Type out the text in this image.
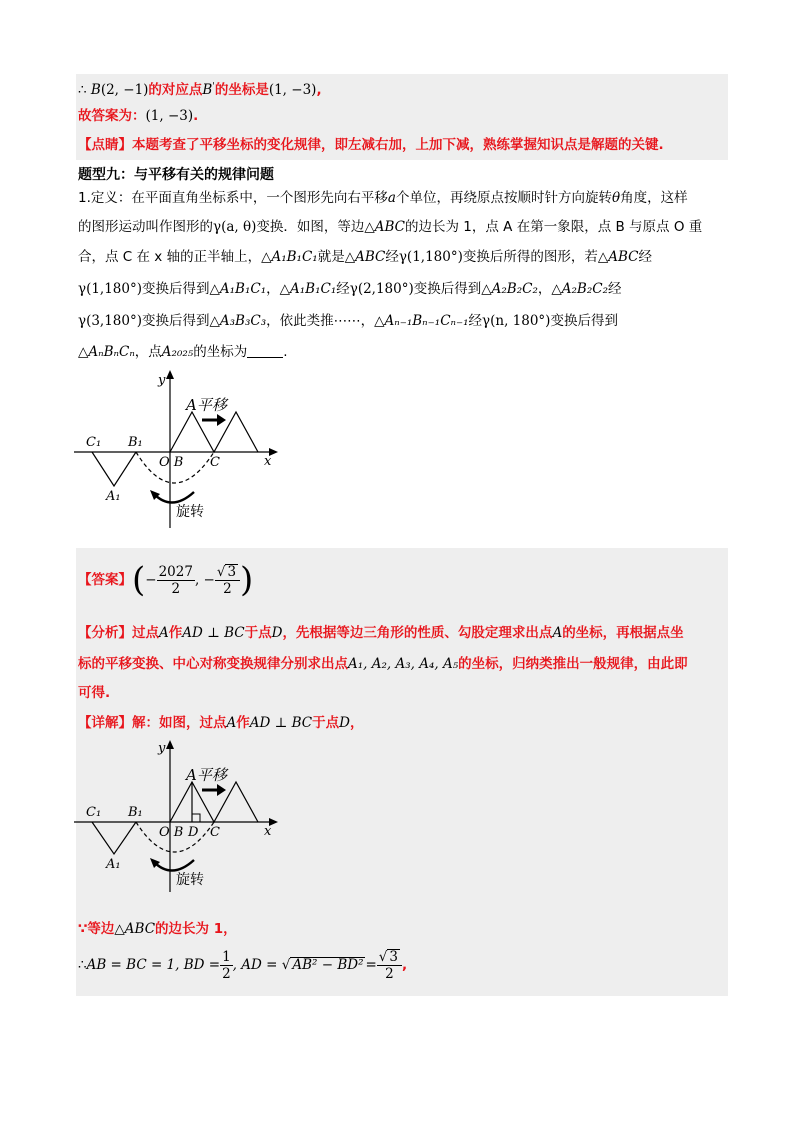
∴ B(2, −1)的对应点B'的坐标是(1, −3),
故答案为：(1, −3).
【点睛】本题考查了平移坐标的变化规律，即左减右加，上加下减，熟练掌握知识点是解题的关键.
题型九：与平移有关的规律问题
1.定义：在平面直角坐标系中，一个图形先向右平移a个单位，再绕原点按顺时针方向旋转θ角度，这样
的图形运动叫作图形的γ(a, θ)变换．如图，等边△ABC的边长为 1，点 A 在第一象限，点 B 与原点 O 重
合，点 C 在 x 轴的正半轴上，△A₁B₁C₁就是△ABC经γ(1,180°)变换后所得的图形，若△ABC经
γ(1,180°)变换后得到△A₁B₁C₁，△A₁B₁C₁经γ(2,180°)变换后得到△A₂B₂C₂，△A₂B₂C₂经
γ(3,180°)变换后得到△A₃B₃C₃，依此类推⋯⋯，△Aₙ₋₁Bₙ₋₁Cₙ₋₁经γ(n, 180°)变换后得到
△AₙBₙCₙ，点A₂₀₂₅的坐标为	.
y
x
A平移
旋转
C₁ B₁
A₁
O B C
【答案】(− $\frac{2027}{2}$ , − $\frac{√ 3}{2}$ )
【分析】过点A作AD ⊥ BC于点D，先根据等边三角形的性质、勾股定理求出点A的坐标，再根据点坐
标的平移变换、中心对称变换规律分别求出点A₁, A₂, A₃, A₄, A₅的坐标，归纳类推出一般规律，由此即
可得.
【详解】解：如图，过点A作AD ⊥ BC于点D，
y
x
A平移
旋转
C₁ B₁
A₁
O B D C
∵等边△ABC的边长为 1，
∴AB = BC = 1, BD = $\frac{1}{2}$ , AD = √ $AB^2 - BD^2 = \frac{√ 3}{2}$ ,
